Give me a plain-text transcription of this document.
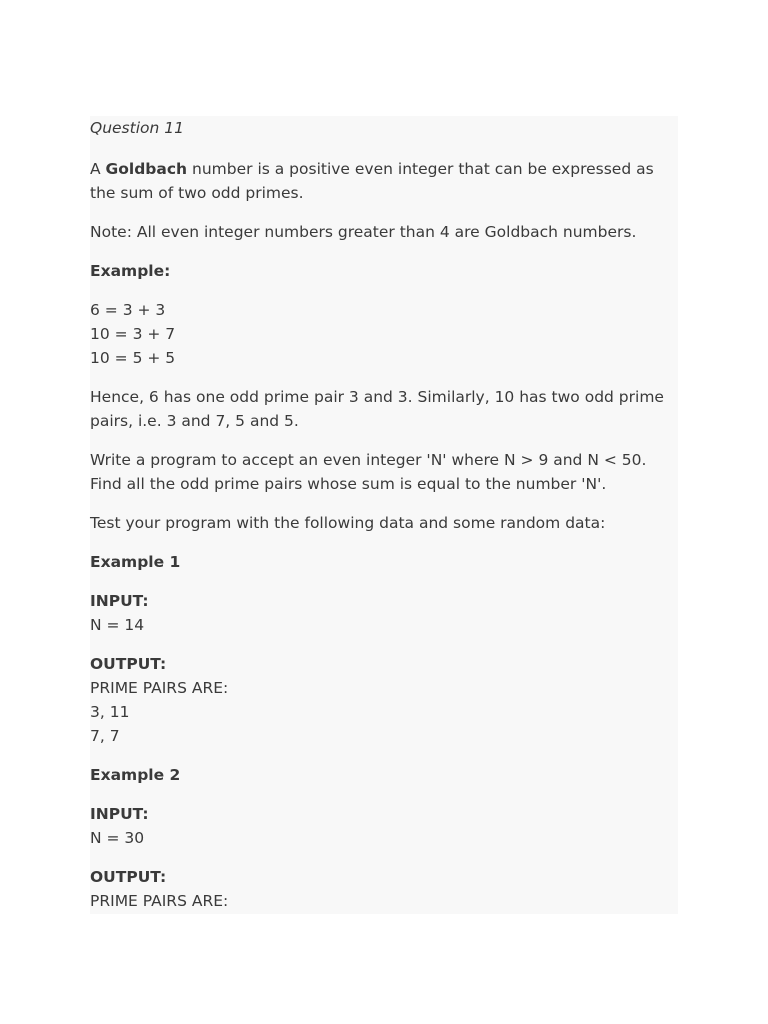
Question 11

A Goldbach number is a positive even integer that can be expressed as the sum of two odd primes.

Note: All even integer numbers greater than 4 are Goldbach numbers.

Example:

6 = 3 + 3

10 = 3 + 7

10 = 5 + 5

Hence, 6 has one odd prime pair 3 and 3. Similarly, 10 has two odd prime pairs, i.e. 3 and 7, 5 and 5.

Write a program to accept an even integer 'N' where N > 9 and N < 50. Find all the odd prime pairs whose sum is equal to the number 'N'.

Test your program with the following data and some random data:

Example 1

INPUT:

N = 14

OUTPUT:

PRIME PAIRS ARE:

3, 11

7, 7

Example 2

INPUT:

N = 30

OUTPUT:

PRIME PAIRS ARE:
